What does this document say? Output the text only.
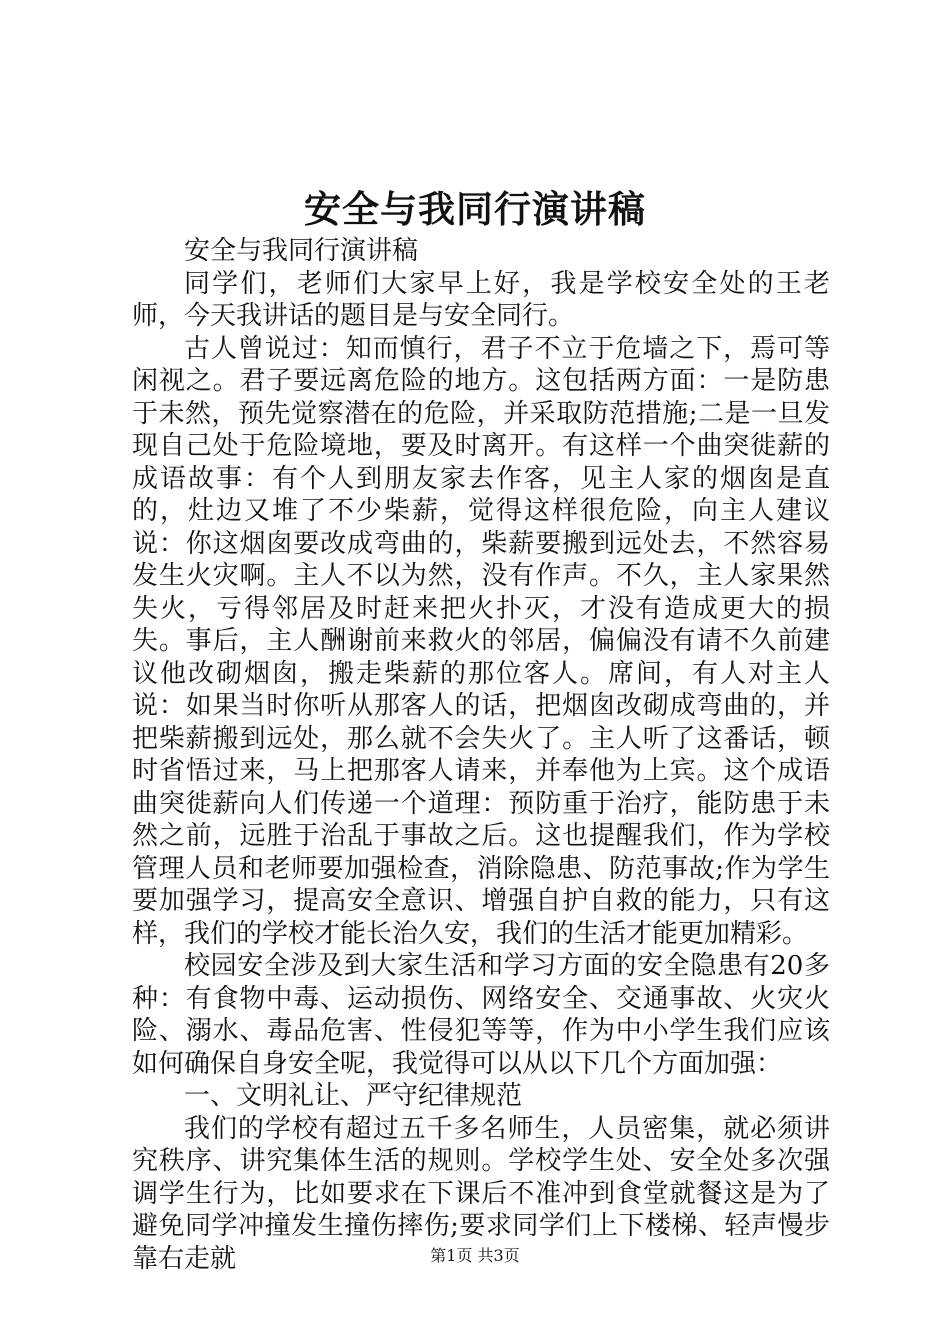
安全与我同行演讲稿

安全与我同行演讲稿

同学们，老师们大家早上好，我是学校安全处的王老师，今天我讲话的题目是与安全同行。

古人曾说过：知而慎行，君子不立于危墙之下，焉可等闲视之。君子要远离危险的地方。这包括两方面：一是防患于未然，预先觉察潜在的危险，并采取防范措施;二是一旦发现自己处于危险境地，要及时离开。有这样一个曲突徙薪的成语故事：有个人到朋友家去作客，见主人家的烟囱是直的，灶边又堆了不少柴薪，觉得这样很危险，向主人建议说：你这烟囱要改成弯曲的，柴薪要搬到远处去，不然容易发生火灾啊。主人不以为然，没有作声。不久，主人家果然失火，亏得邻居及时赶来把火扑灭，才没有造成更大的损失。事后，主人酬谢前来救火的邻居，偏偏没有请不久前建议他改砌烟囱，搬走柴薪的那位客人。席间，有人对主人说：如果当时你听从那客人的话，把烟囱改砌成弯曲的，并把柴薪搬到远处，那么就不会失火了。主人听了这番话，顿时省悟过来，马上把那客人请来，并奉他为上宾。这个成语曲突徙薪向人们传递一个道理：预防重于治疗，能防患于未然之前，远胜于治乱于事故之后。这也提醒我们，作为学校管理人员和老师要加强检查，消除隐患、防范事故;作为学生要加强学习，提高安全意识、增强自护自救的能力，只有这样，我们的学校才能长治久安，我们的生活才能更加精彩。

校园安全涉及到大家生活和学习方面的安全隐患有20多种：有食物中毒、运动损伤、网络安全、交通事故、火灾火险、溺水、毒品危害、性侵犯等等，作为中小学生我们应该如何确保自身安全呢，我觉得可以从以下几个方面加强：

一、文明礼让、严守纪律规范

我们的学校有超过五千多名师生，人员密集，就必须讲究秩序、讲究集体生活的规则。学校学生处、安全处多次强调学生行为，比如要求在下课后不准冲到食堂就餐这是为了避免同学冲撞发生撞伤摔伤;要求同学们上下楼梯、轻声慢步靠右走就	第1页 共3页
